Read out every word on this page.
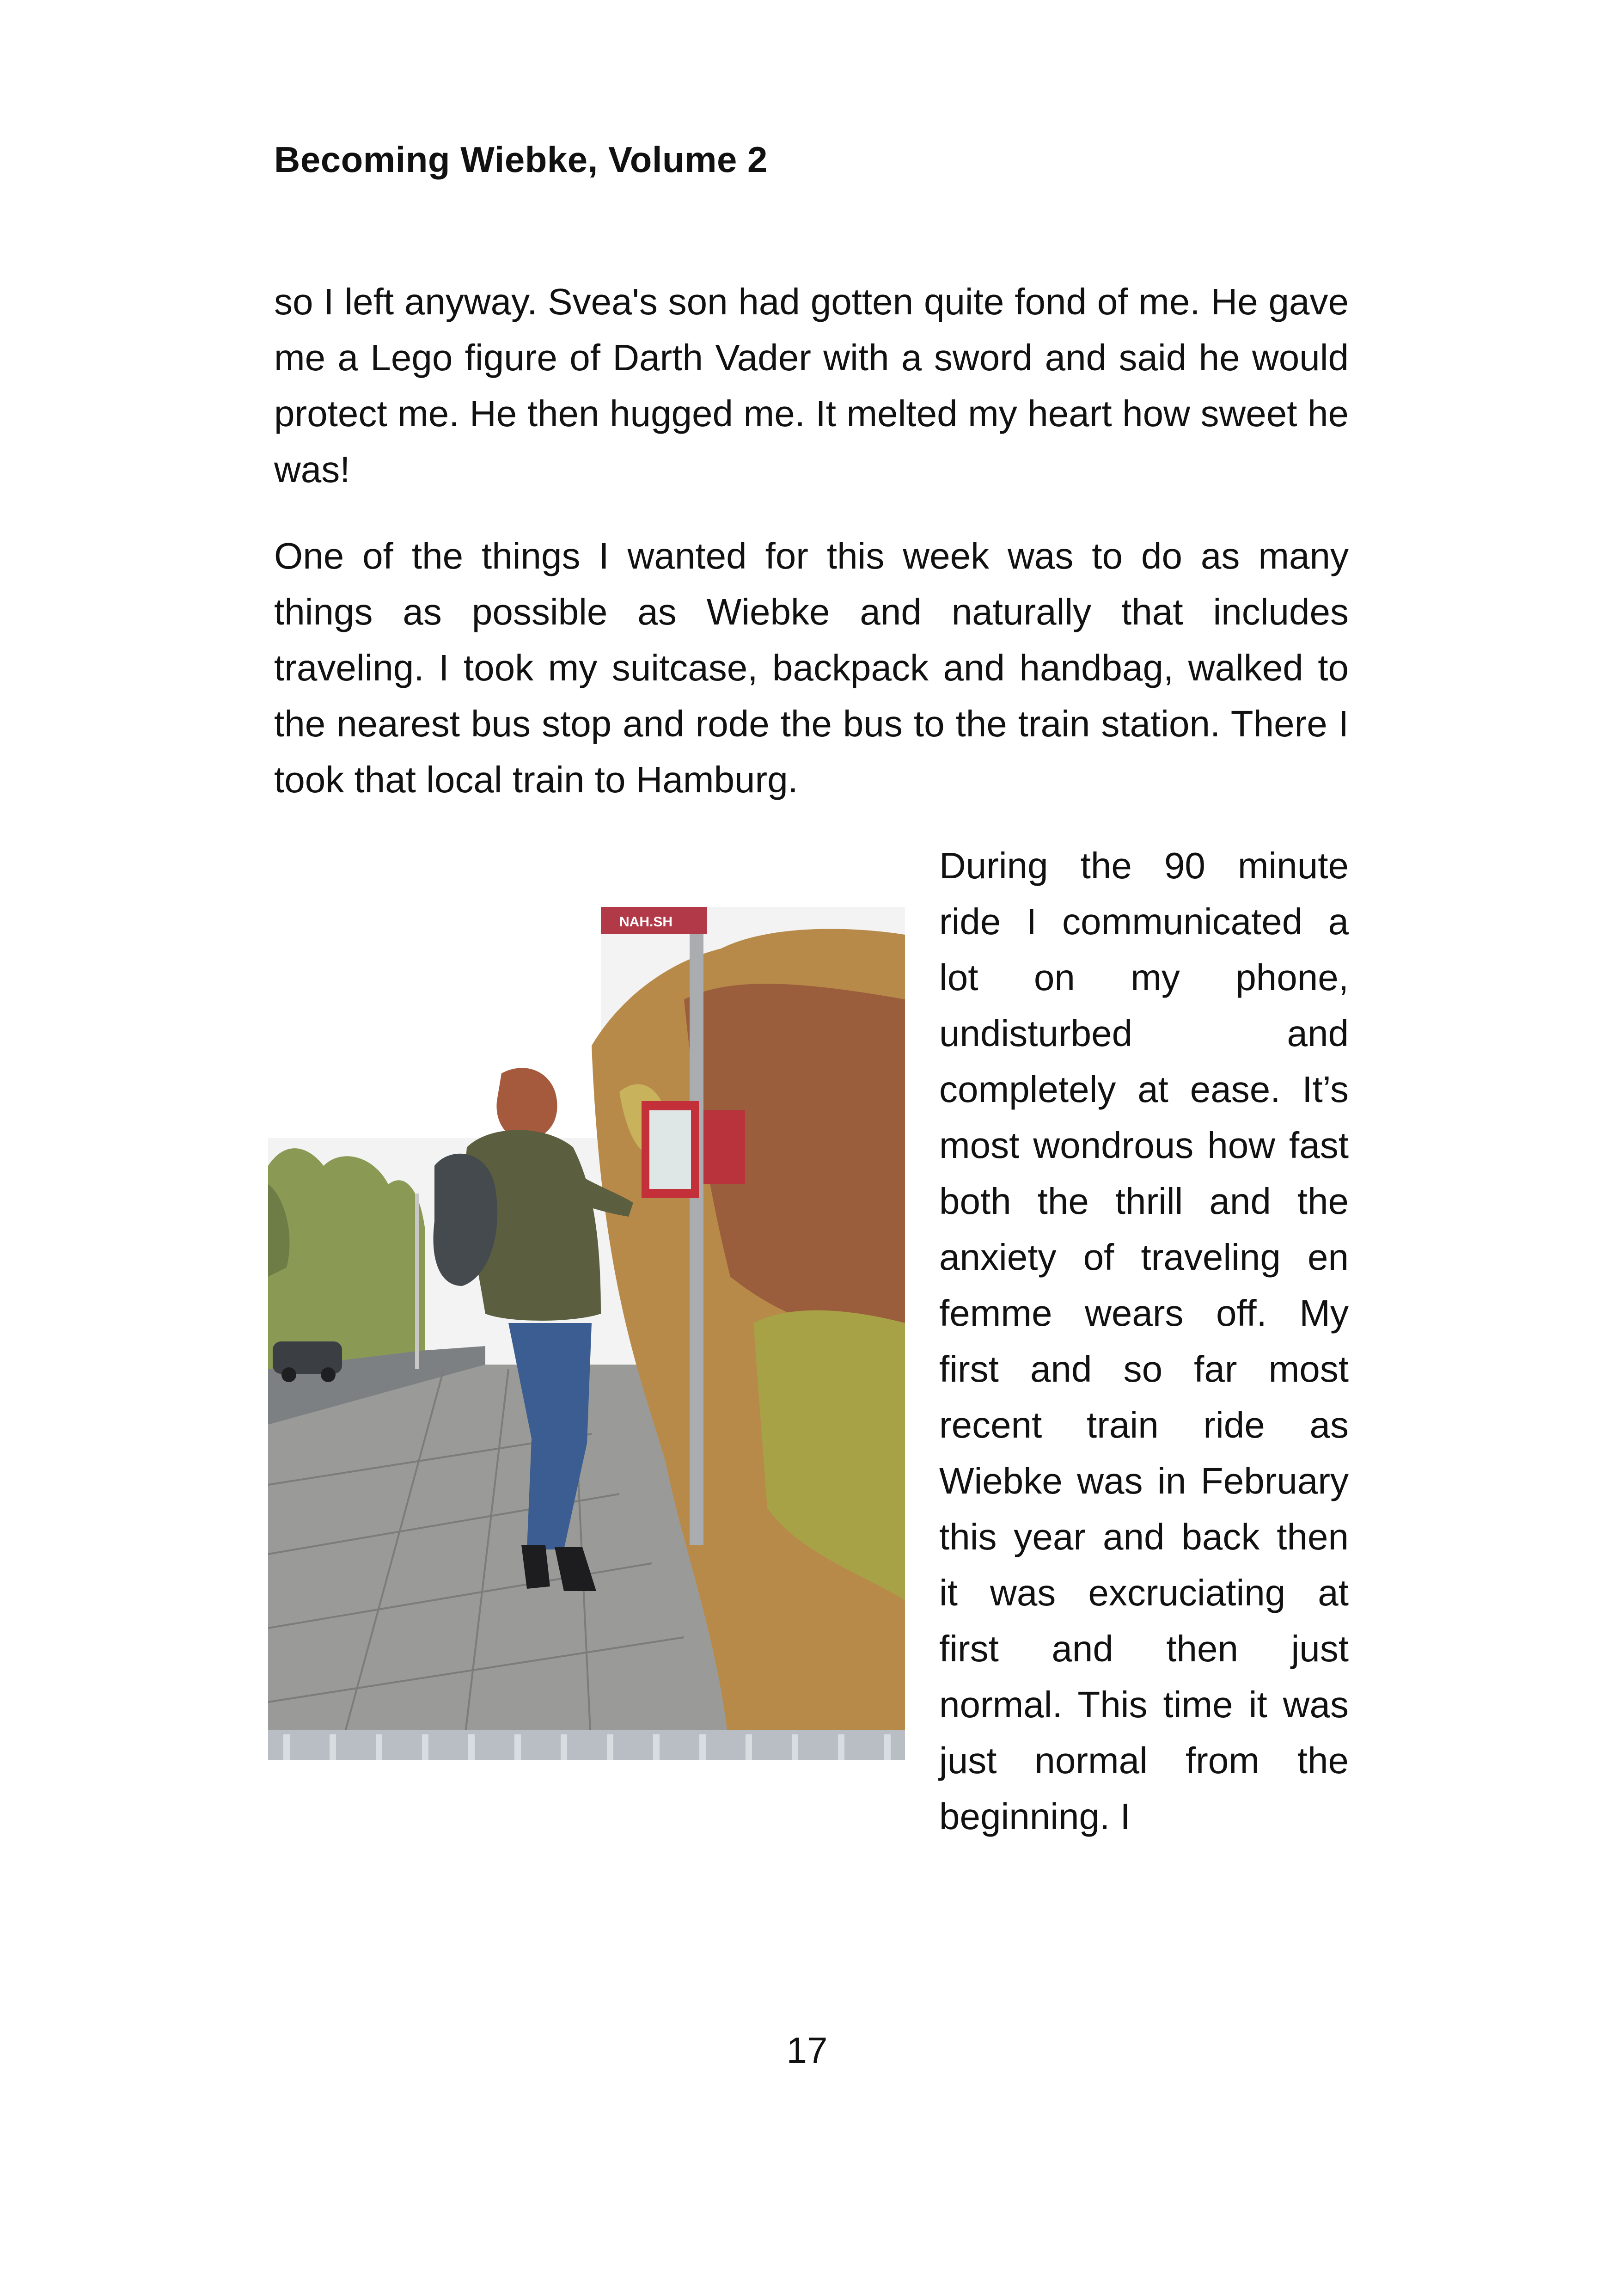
Becoming Wiebke, Volume 2

so I left anyway. Svea's son had gotten quite fond of me. He gave me a Lego figure of Darth Vader with a sword and said he would protect me. He then hugged me. It melted my heart how sweet he was!

One of the things I wanted for this week was to do as many things as possible as Wiebke and naturally that includes traveling. I took my suitcase, backpack and handbag, walked to the nearest bus stop and rode the bus to the train station. There I took that local train to Hamburg.

NAH.SH

During the 90 minute ride I communicated a lot on my phone, undisturbed and completely at ease. It’s most wondrous how fast both the thrill and the anxiety of traveling en femme wears off. My first and so far most recent train ride as Wiebke was in February this year and back then it was excruciating at first and then just normal. This time it was just normal from the beginning. I

17
